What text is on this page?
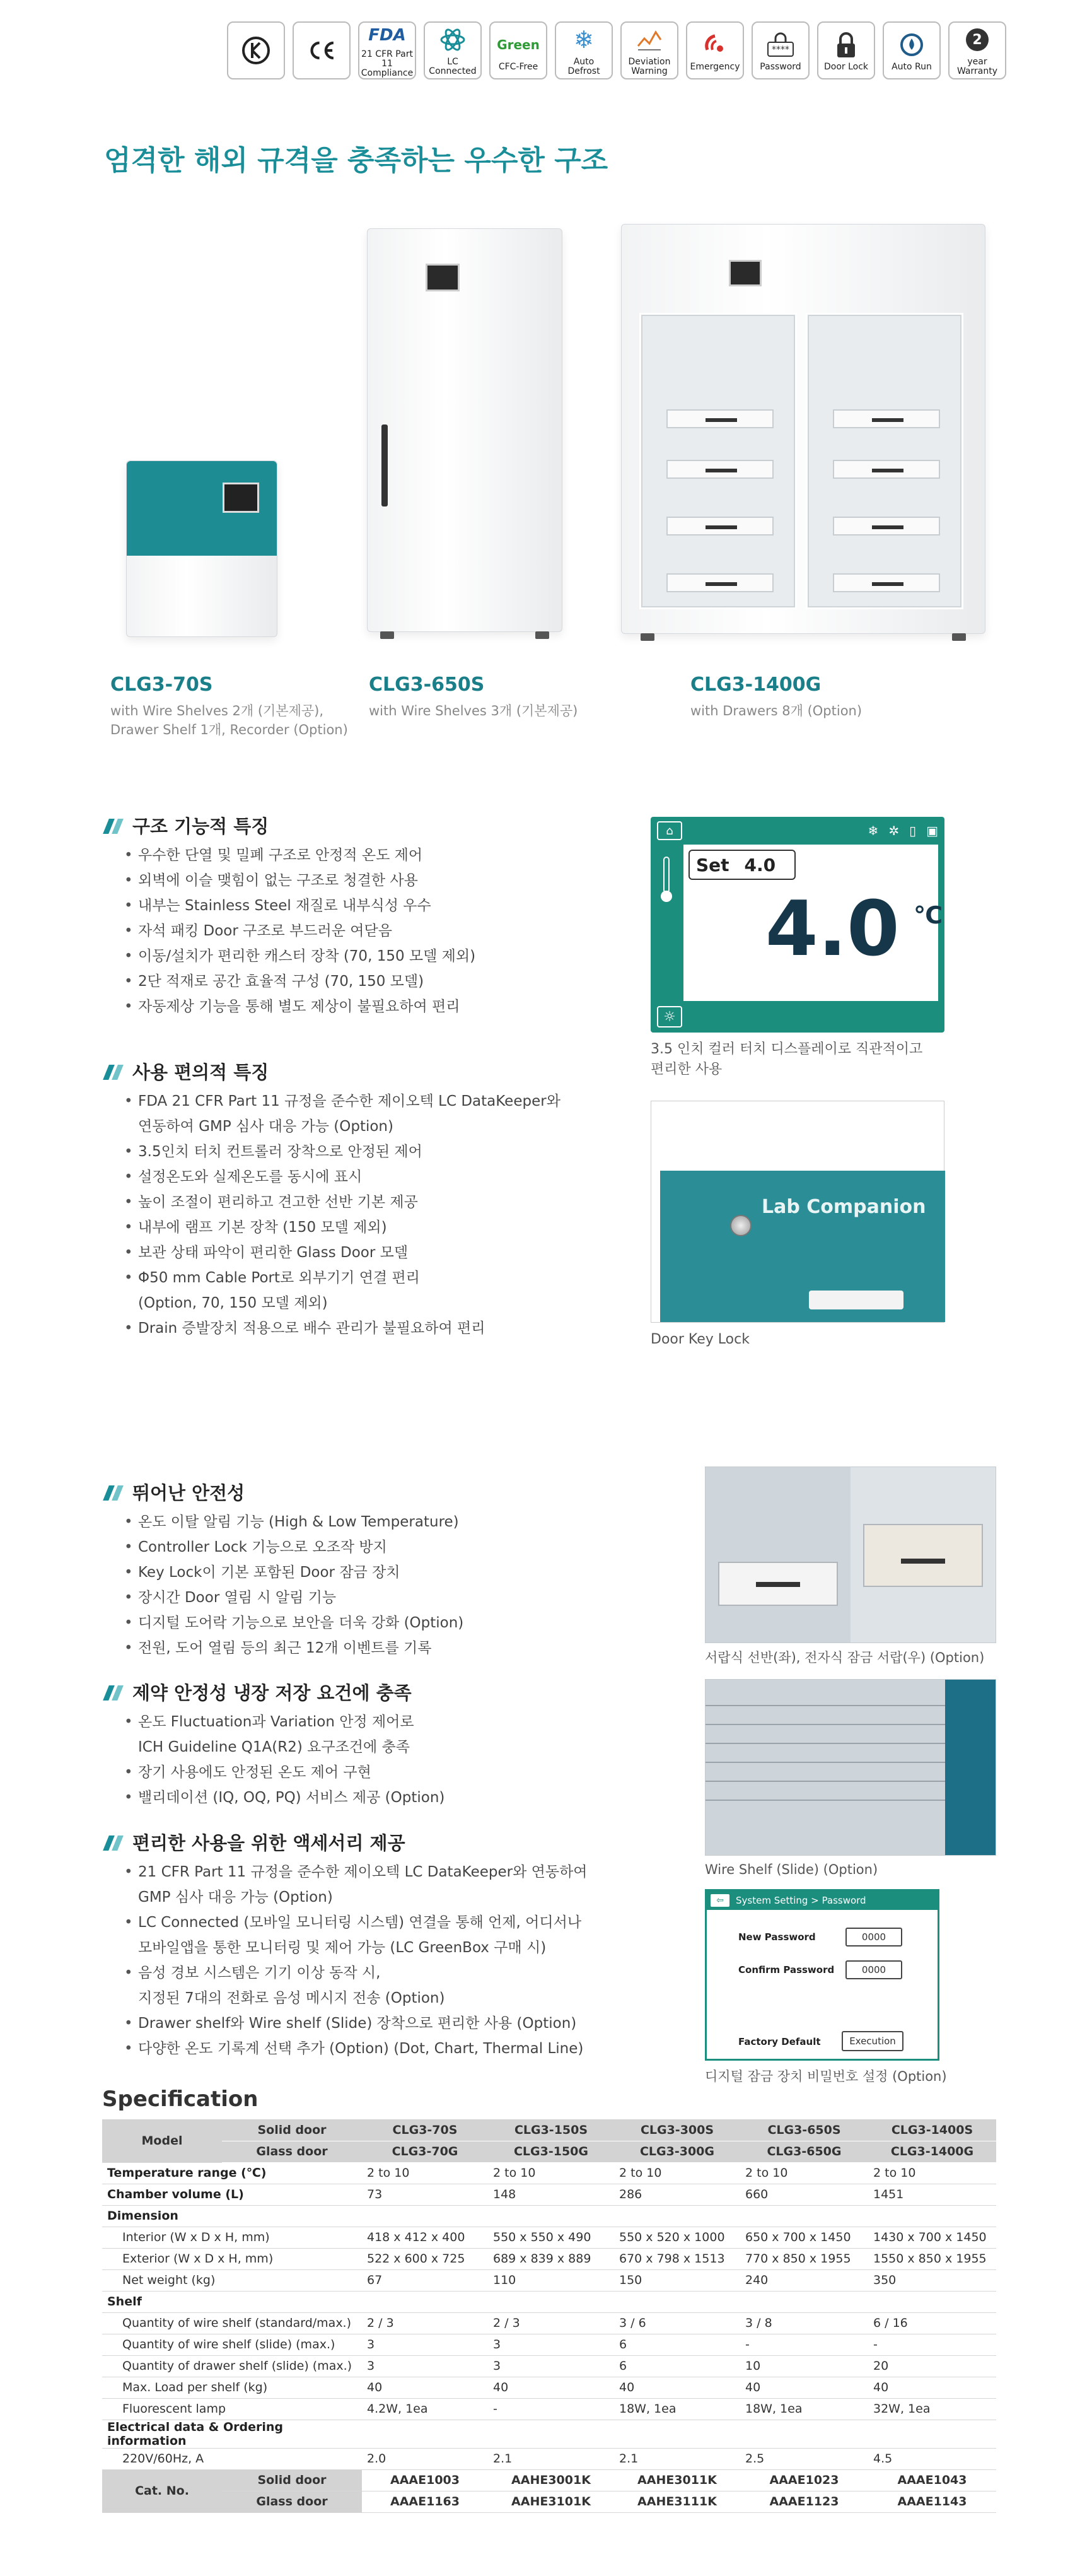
FDA
21 CFR Part 11
Compliance
LC
Connected
Green
CFC-Free
❄
Auto
Defrost
Deviation
Warning	Emergency
****
Password	Door Lock	Auto Run
2
year
Warranty
엄격한 해외 규격을 충족하는 우수한 구조
CLG3-70S
with Wire Shelves 2개 (기본제공),
Drawer Shelf 1개, Recorder (Option)
CLG3-650S
with Wire Shelves 3개 (기본제공)
CLG3-1400G
with Drawers 8개 (Option)
구조 기능적 특징
• 우수한 단열 및 밀폐 구조로 안정적 온도 제어
• 외벽에 이슬 맺힘이 없는 구조로 청결한 사용
• 내부는 Stainless Steel 재질로 내부식성 우수
• 자석 패킹 Door 구조로 부드러운 여닫음
• 이동/설치가 편리한 캐스터 장착 (70, 150 모델 제외)
• 2단 적재로 공간 효율적 구성 (70, 150 모델)
• 자동제상 기능을 통해 별도 제상이 불필요하여 편리
사용 편의적 특징
• FDA 21 CFR Part 11 규정을 준수한 제이오텍 LC DataKeeper와
연동하여 GMP 심사 대응 가능 (Option)
• 3.5인치 터치 컨트롤러 장착으로 안정된 제어
• 설정온도와 실제온도를 동시에 표시
• 높이 조절이 편리하고 견고한 선반 기본 제공
• 내부에 램프 기본 장착 (150 모델 제외)
• 보관 상태 파악이 편리한 Glass Door 모델
• Φ50 mm Cable Port로 외부기기 연결 편리
(Option, 70, 150 모델 제외)
• Drain 증발장치 적용으로 배수 관리가 불필요하여 편리
⌂	❄ ✲ ▯ ▣
Set 4.0
4.0 ℃
☼
3.5 인치 컬러 터치 디스플레이로 직관적이고
편리한 사용
Lab Companion
Door Key Lock
뛰어난 안전성
• 온도 이탈 알림 기능 (High & Low Temperature)
• Controller Lock 기능으로 오조작 방지
• Key Lock이 기본 포함된 Door 잠금 장치
• 장시간 Door 열림 시 알림 기능
• 디지털 도어락 기능으로 보안을 더욱 강화 (Option)
• 전원, 도어 열림 등의 최근 12개 이벤트를 기록
제약 안정성 냉장 저장 요건에 충족
• 온도 Fluctuation과 Variation 안정 제어로
ICH Guideline Q1A(R2) 요구조건에 충족
• 장기 사용에도 안정된 온도 제어 구현
• 밸리데이션 (IQ, OQ, PQ) 서비스 제공 (Option)
편리한 사용을 위한 액세서리 제공
• 21 CFR Part 11 규정을 준수한 제이오텍 LC DataKeeper와 연동하여
GMP 심사 대응 가능 (Option)
• LC Connected (모바일 모니터링 시스템) 연결을 통해 언제, 어디서나
모바일앱을 통한 모니터링 및 제어 가능 (LC GreenBox 구매 시)
• 음성 경보 시스템은 기기 이상 동작 시,
지정된 7대의 전화로 음성 메시지 전송 (Option)
• Drawer shelf와 Wire shelf (Slide) 장착으로 편리한 사용 (Option)
• 다양한 온도 기록계 선택 추가 (Option) (Dot, Chart, Thermal Line)
서랍식 선반(좌), 전자식 잠금 서랍(우) (Option)
Wire Shelf (Slide) (Option)
⇦	System Setting > Password
New Password	0000
Confirm Password	0000
Factory Default	Execution
디지털 잠금 장치 비밀번호 설정 (Option)
Specification
Model	Solid door	CLG3-70S	CLG3-150S	CLG3-300S	CLG3-650S	CLG3-1400S
	Glass door	CLG3-70G	CLG3-150G	CLG3-300G	CLG3-650G	CLG3-1400G
Temperature range (℃)		2 to 10	2 to 10	2 to 10	2 to 10	2 to 10
Chamber volume (L)		73	148	286	660	1451
Dimension						
Interior (W x D x H, mm)		418 x 412 x 400	550 x 550 x 490	550 x 520 x 1000	650 x 700 x 1450	1430 x 700 x 1450
Exterior (W x D x H, mm)		522 x 600 x 725	689 x 839 x 889	670 x 798 x 1513	770 x 850 x 1955	1550 x 850 x 1955
Net weight (kg)		67	110	150	240	350
Shelf						
Quantity of wire shelf (standard/max.)		2 / 3	2 / 3	3 / 6	3 / 8	6 / 16
Quantity of wire shelf (slide) (max.)		3	3	6	-	-
Quantity of drawer shelf (slide) (max.)		3	3	6	10	20
Max. Load per shelf (kg)		40	40	40	40	40
Fluorescent lamp		4.2W, 1ea	-	18W, 1ea	18W, 1ea	32W, 1ea
Electrical data & Ordering information						
220V/60Hz, A		2.0	2.1	2.1	2.5	4.5
Cat. No.	Solid door	AAAE1003	AAHE3001K	AAHE3011K	AAAE1023	AAAE1043
	Glass door	AAAE1163	AAHE3101K	AAHE3111K	AAAE1123	AAAE1143
